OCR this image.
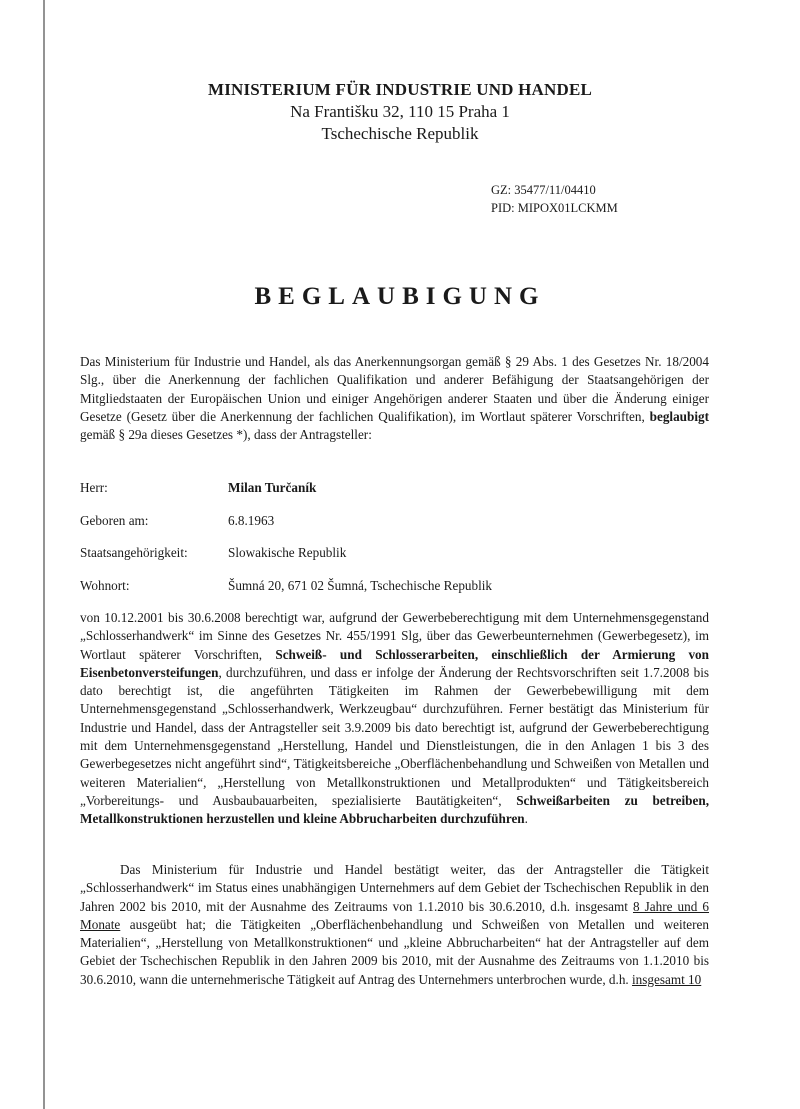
MINISTERIUM FÜR INDUSTRIE UND HANDEL
Na Františku 32, 110 15 Praha 1
Tschechische Republik
GZ: 35477/11/04410
PID: MIPOX01LCKMM
BEGLAUBIGUNG

Das Ministerium für Industrie und Handel, als das Anerkennungsorgan gemäß § 29 Abs. 1 des Gesetzes Nr. 18/2004 Slg., über die Anerkennung der fachlichen Qualifikation und anderer Befähigung der Staatsangehörigen der Mitgliedstaaten der Europäischen Union und einiger Angehörigen anderer Staaten und über die Änderung einiger Gesetze (Gesetz über die Anerkennung der fachlichen Qualifikation), im Wortlaut späterer Vorschriften, beglaubigt gemäß § 29a dieses Gesetzes *), dass der Antragsteller:

Herr:	Milan Turčaník
Geboren am:	6.8.1963
Staatsangehörigkeit:	Slowakische Republik
Wohnort:	Šumná 20, 671 02 Šumná, Tschechische Republik

von 10.12.2001 bis 30.6.2008 berechtigt war, aufgrund der Gewerbeberechtigung mit dem Unternehmensgegenstand „Schlosserhandwerk“ im Sinne des Gesetzes Nr. 455/1991 Slg, über das Gewerbeunternehmen (Gewerbegesetz), im Wortlaut späterer Vorschriften, Schweiß- und Schlosserarbeiten, einschließlich der Armierung von Eisenbetonversteifungen, durchzuführen, und dass er infolge der Änderung der Rechtsvorschriften seit 1.7.2008 bis dato berechtigt ist, die angeführten Tätigkeiten im Rahmen der Gewerbebewilligung mit dem Unternehmensgegenstand „Schlosserhandwerk, Werkzeugbau“ durchzuführen. Ferner bestätigt das Ministerium für Industrie und Handel, dass der Antragsteller seit 3.9.2009 bis dato berechtigt ist, aufgrund der Gewerbeberechtigung mit dem Unternehmensgegenstand „Herstellung, Handel und Dienstleistungen, die in den Anlagen 1 bis 3 des Gewerbegesetzes nicht angeführt sind“, Tätigkeitsbereiche „Oberflächenbehandlung und Schweißen von Metallen und weiteren Materialien“, „Herstellung von Metallkonstruktionen und Metallprodukten“ und Tätigkeitsbereich „Vorbereitungs- und Ausbaubauarbeiten, spezialisierte Bautätigkeiten“, Schweißarbeiten zu betreiben, Metallkonstruktionen herzustellen und kleine Abbrucharbeiten durchzuführen.

Das Ministerium für Industrie und Handel bestätigt weiter, das der Antragsteller die Tätigkeit „Schlosserhandwerk“ im Status eines unabhängigen Unternehmers auf dem Gebiet der Tschechischen Republik in den Jahren 2002 bis 2010, mit der Ausnahme des Zeitraums von 1.1.2010 bis 30.6.2010, d.h. insgesamt 8 Jahre und 6 Monate ausgeübt hat; die Tätigkeiten „Oberflächenbehandlung und Schweißen von Metallen und weiteren Materialien“, „Herstellung von Metallkonstruktionen“ und „kleine Abbrucharbeiten“ hat der Antragsteller auf dem Gebiet der Tschechischen Republik in den Jahren 2009 bis 2010, mit der Ausnahme des Zeitraums von 1.1.2010 bis 30.6.2010, wann die unternehmerische Tätigkeit auf Antrag des Unternehmers unterbrochen wurde, d.h. insgesamt 10
